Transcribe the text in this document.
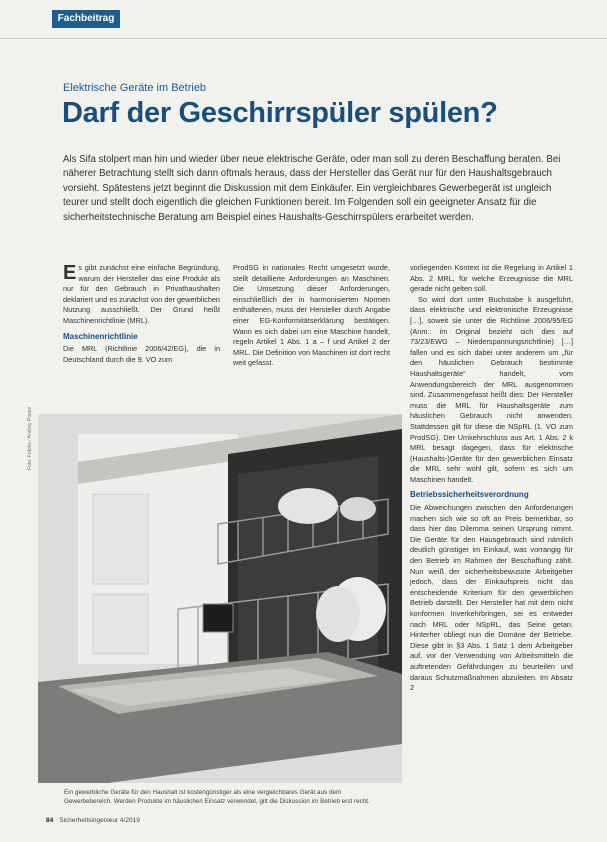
Fachbeitrag
Elektrische Geräte im Betrieb
Darf der Geschirrspüler spülen?
Als Sifa stolpert man hin und wieder über neue elektrische Geräte, oder man soll zu deren Beschaffung beraten. Bei näherer Betrachtung stellt sich dann oftmals heraus, dass der Hersteller das Gerät nur für den Haushaltsgebrauch vorsieht. Spätestens jetzt beginnt die Diskussion mit dem Einkäufer. Ein vergleichbares Gewerbegerät ist ungleich teurer und stellt doch eigentlich die gleichen Funktionen bereit. Im Folgenden soll ein geeigneter Ansatz für die sicherheitstechnische Beratung am Beispiel eines Haushalts-Geschirrspülers erarbeitet werden.
Es gibt zunächst eine einfache Begründung, warum der Hersteller das eine Produkt als nur für den Gebrauch in Privathaushalten deklariert und es zunächst von der gewerblichen Nutzung ausschließt. Der Grund heißt Maschinenrichtlinie (MRL).
Maschinenrichtlinie
Die MRL (Richtlinie 2006/42/EG), die in Deutschland durch die 9. VO zum
ProdSG in nationales Recht umgesetzt wurde, stellt detaillierte Anforderungen an Maschinen. Die Umsetzung dieser Anforderungen, einschließlich der in harmonisierten Normen enthaltenen, muss der Hersteller durch Angabe einer EG-Konformitätserklärung bestätigen. Wann es sich dabei um eine Maschine handelt, regeln Artikel 1 Abs. 1 a – f und Artikel 2 der MRL. Die Definition von Maschinen ist dort recht weit gefasst.
vorliegenden Kontext ist die Regelung in Artikel 1 Abs. 2 MRL, für welche Erzeugnisse die MRL gerade nicht gelten soll.
So wird dort unter Buchstabe k ausgeführt, dass elektrische und elektronische Erzeugnisse […], soweit sie unter die Richtlinie 2006/95/EG (Anm.: im Original bezieht sich dies auf 73/23/EWG – Niederspannungsrichtlinie) […] fallen und es sich dabei unter anderem um „für den häuslichen Gebrauch bestimmte Haushaltsgeräte“ handelt, vom Anwendungsbereich der MRL ausgenommen sind. Zusammengefasst heißt dies: Der Hersteller muss die MRL für Haushaltsgeräte zum häuslichen Gebrauch nicht anwenden. Stattdessen gilt für diese die NSpRL (1. VO zum ProdSG). Der Umkehrschluss aus Art. 1 Abs. 2 k MRL besagt dagegen, dass für elektrische (Haushalts-)Geräte für den gewerblichen Einsatz die MRL sehr wohl gilt, sofern es sich um Maschinen handelt.
Betriebssicherheitsverordnung
Die Abweichungen zwischen den Anforderungen machen sich wie so oft an Preis bemerkbar, so dass hier das Dilemma seinen Ursprung nimmt. Die Geräte für den Hausgebrauch sind nämlich deutlich günstiger im Einkauf, was vorrangig für den Betrieb im Rahmen der Beschaffung zählt. Nun weiß der sicherheitsbewusste Arbeitgeber jedoch, dass der Einkaufspreis nicht das entscheidende Kriterium für den gewerblichen Betrieb darstellt. Der Hersteller hat mit dem nicht konformen Inverkehrbringen, sei es entweder nach MRL oder NSpRL, das Seine getan. Hinterher obliegt nun die Domäne der Betriebe. Diese gibt in §3 Abs. 1 Satz 1 dem Arbeitgeber auf, vor der Verwendung von Arbeitsmitteln die auftretenden Gefährdungen zu beurteilen und daraus Schutzmaßnahmen abzuleiten. Im Absatz 2
Foto: Fotolia / Andrey Popov
Ein gewerbliche Geräte für den Haushalt ist kostengünstiger als eine vergleichbares Gerät aus dem Gewerbebereich. Werden Produkte im häuslichen Einsatz verwendet, gilt die Diskussion im Betrieb erst recht.
84 Sicherheitsingenieur 4/2019
